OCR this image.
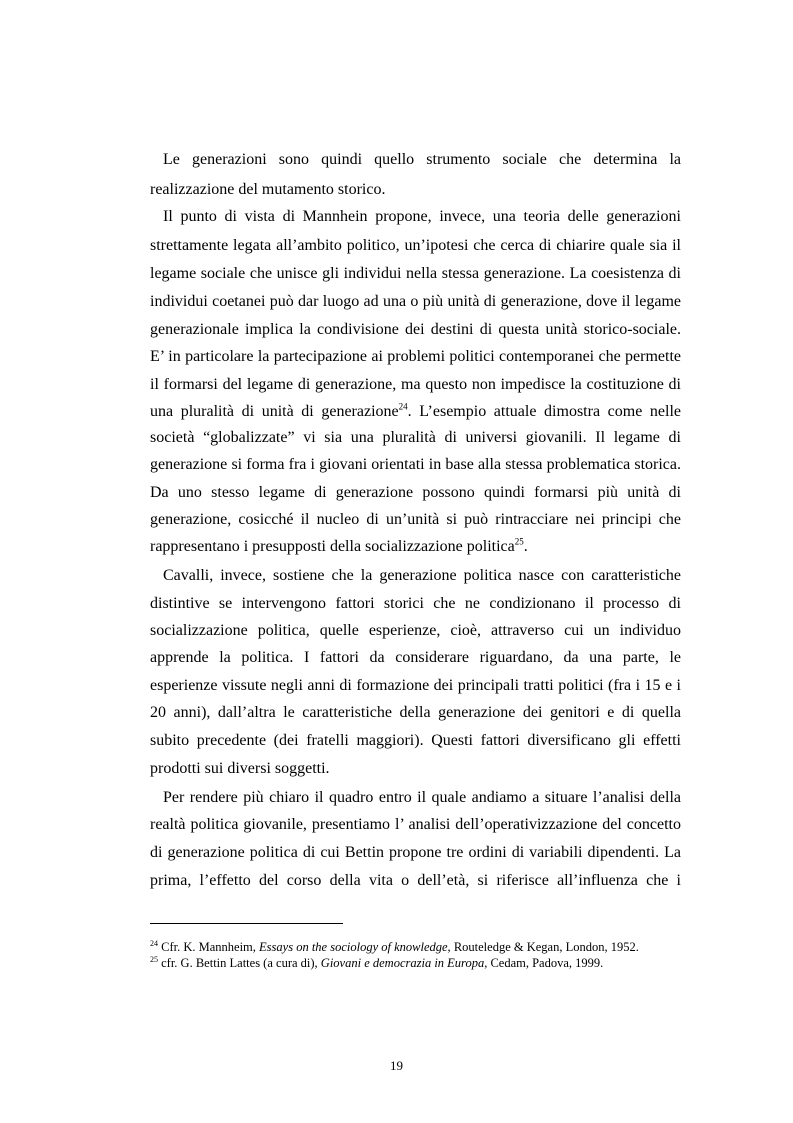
Le generazioni sono quindi quello strumento sociale che determina la
realizzazione del mutamento storico.
Il punto di vista di Mannhein propone, invece, una teoria delle generazioni
strettamente legata all’ambito politico, un’ipotesi che cerca di chiarire quale sia il
legame sociale che unisce gli individui nella stessa generazione. La coesistenza di
individui coetanei può dar luogo ad una o più unità di generazione, dove il legame
generazionale implica la condivisione dei destini di questa unità storico-sociale.
E’ in particolare la partecipazione ai problemi politici contemporanei che permette
il formarsi del legame di generazione, ma questo non impedisce la costituzione di
una pluralità di unità di generazione$^{24}$. L’esempio attuale dimostra come nelle
società “globalizzate” vi sia una pluralità di universi giovanili. Il legame di
generazione si forma fra i giovani orientati in base alla stessa problematica storica.
Da uno stesso legame di generazione possono quindi formarsi più unità di
generazione, cosicché il nucleo di un’unità si può rintracciare nei principi che
rappresentano i presupposti della socializzazione politica$^{25}$.
Cavalli, invece, sostiene che la generazione politica nasce con caratteristiche
distintive se intervengono fattori storici che ne condizionano il processo di
socializzazione politica, quelle esperienze, cioè, attraverso cui un individuo
apprende la politica. I fattori da considerare riguardano, da una parte, le
esperienze vissute negli anni di formazione dei principali tratti politici (fra i 15 e i
20 anni), dall’altra le caratteristiche della generazione dei genitori e di quella
subito precedente (dei fratelli maggiori). Questi fattori diversificano gli effetti
prodotti sui diversi soggetti.
Per rendere più chiaro il quadro entro il quale andiamo a situare l’analisi della
realtà politica giovanile, presentiamo l’ analisi dell’operativizzazione del concetto
di generazione politica di cui Bettin propone tre ordini di variabili dipendenti. La
prima, l’effetto del corso della vita o dell’età, si riferisce all’influenza che i
$^{24}$ Cfr. K. Mannheim, Essays on the sociology of knowledge, Routeledge & Kegan, London, 1952.
$^{25}$ cfr. G. Bettin Lattes (a cura di), Giovani e democrazia in Europa, Cedam, Padova, 1999.
19
